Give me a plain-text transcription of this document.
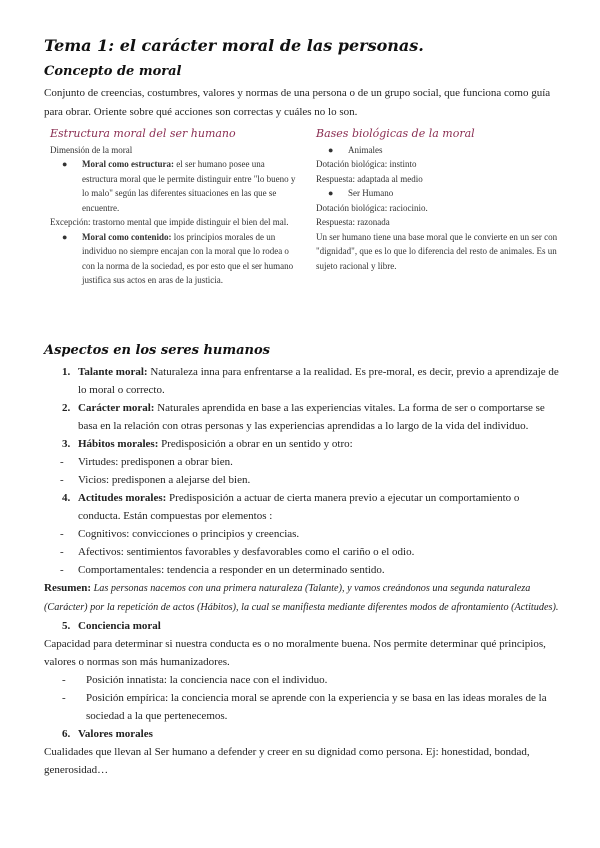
Tema 1: el carácter moral de las personas.
Concepto de moral
Conjunto de creencias, costumbres, valores y normas de una persona o de un grupo social, que funciona como guía para obrar. Oriente sobre qué acciones son correctas y cuáles no lo son.
Estructura moral del ser humano

Dimensión de la moral

● Moral como estructura: el ser humano posee una estructura moral que le permite distinguir entre "lo bueno y lo malo" según las diferentes situaciones en las que se encuentre.

Excepción: trastorno mental que impide distinguir el bien del mal.

● Moral como contenido: los principios morales de un individuo no siempre encajan con la moral que lo rodea o con la norma de la sociedad, es por esto que el ser humano justifica sus actos en aras de la justicia.

Bases biológicas de la moral

● Animales

Dotación biológica: instinto

Respuesta: adaptada al medio

● Ser Humano

Dotación biológica: raciocinio.

Respuesta: razonada

Un ser humano tiene una base moral que le convierte en un ser con "dignidad", que es lo que lo diferencia del resto de animales. Es un sujeto racional y libre.

Aspectos en los seres humanos

1. Talante moral: Naturaleza inna para enfrentarse a la realidad. Es pre-moral, es decir, previo a aprendizaje de lo moral o correcto.

2. Carácter moral: Naturales aprendida en base a las experiencias vitales. La forma de ser o comportarse se basa en la relación con otras personas y las experiencias aprendidas a lo largo de la vida del individuo.

3. Hábitos morales: Predisposición a obrar en un sentido y otro:

- Virtudes: predisponen a obrar bien.

- Vicios: predisponen a alejarse del bien.

4. Actitudes morales: Predisposición a actuar de cierta manera previo a ejecutar un comportamiento o conducta. Están compuestas por elementos :

- Cognitivos: convicciones o principios y creencias.

- Afectivos: sentimientos favorables y desfavorables como el cariño o el odio.

- Comportamentales: tendencia a responder en un determinado sentido.

Resumen: Las personas nacemos con una primera naturaleza (Talante), y vamos creándonos una segunda naturaleza (Carácter) por la repetición de actos (Hábitos), la cual se manifiesta mediante diferentes modos de afrontamiento (Actitudes).

5. Conciencia moral

Capacidad para determinar si nuestra conducta es o no moralmente buena. Nos permite determinar qué principios, valores o normas son más humanizadores.

- Posición innatista: la conciencia nace con el individuo.

- Posición empírica: la conciencia moral se aprende con la experiencia y se basa en las ideas morales de la sociedad a la que pertenecemos.

6. Valores morales

Cualidades que llevan al Ser humano a defender y creer en su dignidad como persona. Ej: honestidad, bondad, generosidad…
